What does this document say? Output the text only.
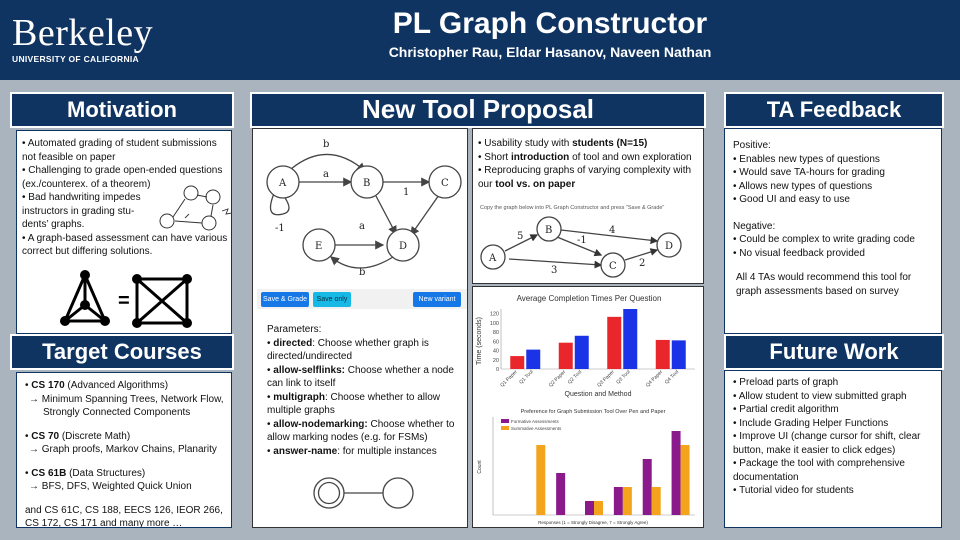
Berkeley
UNIVERSITY OF CALIFORNIA
PL Graph Constructor
Christopher Rau, Eldar Hasanov, Naveen Nathan
Motivation
• Automated grading of student submissions
not feasible on paper
• Challenging to grade open-ended questions
(ex./counterex. of a theorem)
• Bad handwriting impedes
instructors in grading stu-
dents’ graphs.
• A graph-based assessment can have various
correct but differing solutions.
=
Target Courses
• CS 170 (Advanced Algorithms)
→ Minimum Spanning Trees, Network Flow,
Strongly Connected Components
• CS 70 (Discrete Math)
→ Graph proofs, Markov Chains, Planarity
• CS 61B (Data Structures)
→ BFS, DFS, Weighted Quick Union
and CS 61C, CS 188, EECS 126, IEOR 266,
CS 172, CS 171 and many more …
New Tool Proposal
A	B	C
E	D
b
a
1
-1	a
b
Save & Grade	Save only	New variant
Parameters:
• directed: Choose whether graph is directed/undirected
• allow-selflinks: Choose whether a node can link to itself
• multigraph: Choose whether to allow multiple graphs
• allow-nodemarking: Choose whether to allow marking nodes (e.g. for FSMs)
• answer-name: for multiple instances
• Usability study with students (N=15)
• Short introduction of tool and own exploration
• Reproducing graphs of varying complexity with
our tool vs. on paper
Copy the graph below into PL Graph Constructor and press "Save & Grade"
A
B
C
D
5	-1
4
3
2
Average Completion Times Per Question
0
20
40
60
80
100
120
Q1 Paper Q1 Tool	Q2 Paper Q2 Tool	Q3 Paper Q3 Tool	Q4 Paper Q4 Tool
Question and Method
Time (seconds)
Preference for Graph Submission Tool Over Pen and Paper
Formative Assessments
Summative Assessments
Responses (1 = Strongly Disagree, 7 = Strongly Agree)
Count
TA Feedback
Positive:
• Enables new types of questions
• Would save TA-hours for grading
• Allows new types of questions
• Good UI and easy to use
Negative:
• Could be complex to write grading code
• No visual feedback provided
All 4 TAs would recommend this tool for
graph assessments based on survey
Future Work
• Preload parts of graph
• Allow student to view submitted graph
• Partial credit algorithm
• Include Grading Helper Functions
• Improve UI (change cursor for shift, clear
button, make it easier to click edges)
• Package the tool with comprehensive
documentation
• Tutorial video for students
